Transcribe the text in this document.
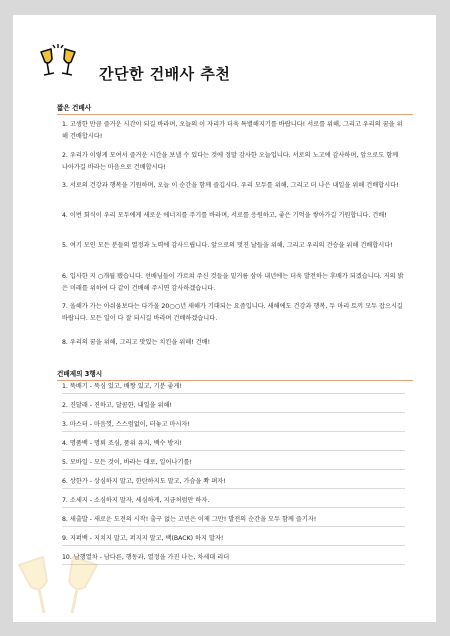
간단한 건배사 추천
짧은 건배사
1. 고생한 만큼 즐거운 시간이 되길 바라며, 오늘의 이 자리가 더욱 특별해지기를 바랍니다! 서로를 위해, 그리고 우리의 꿈을 위해 건배합시다!
2. 우리가 이렇게 모여서 즐거운 시간을 보낼 수 있다는 것에 정말 감사한 오늘입니다. 서로의 노고에 감사하며, 앞으로도 함께 나아가길 바라는 마음으로 건배합시다!
3. 서로의 건강과 행복을 기원하며, 오늘 이 순간을 함께 즐깁시다. 우리 모두를 위해, 그리고 더 나은 내일을 위해 건배합시다!
4. 이번 회식이 우리 모두에게 새로운 에너지를 주기를 바라며, 서로를 응원하고, 좋은 기억을 쌓아가길 기원합니다. 건배!
5. 여기 모인 모든 분들의 열정과 노력에 감사드립니다. 앞으로의 멋진 날들을 위해, 그리고 우리의 건승을 위해 건배합시다!
6. 입사한 지 ○개월 됐습니다. 선배님들이 가르쳐 주신 것들을 밑거름 삼아 내년에는 더욱 발전하는 후배가 되겠습니다. 저의 밝은 미래를 위하여 다 같이 건배해 주시면 감사하겠습니다.
7. 올해가 가는 아쉬움보다는 다가올 20○○년 새해가 기대되는 요즘입니다. 새해에도 건강과 행복, 두 마리 토끼 모두 잡으시길 바랍니다. 모든 일이 다 잘 되시길 바라며 건배하겠습니다.
8. 우리의 꿈을 위해, 그리고 맛있는 치킨을 위해! 건배!
건배제의 3행시
1. 뚝배기 - 뚝심 있고, 배짱 있고, 기분 좋게!
2. 진달래 - 진하고, 달콤한, 내일을 위해!
3. 마스터 - 마음껏, 스스럼없이, 터놓고 마시자!
4. 명품백 - 명퇴 조심, 품위 유지, 백수 방지!
5. 모바일 - 모든 것이, 바라는 대로, 일어나기를!
6. 상한가 - 상심하지 말고, 한탄하지도 말고, 가슴을 쫙 펴자!
7. 소세지 - 소심하지 말자, 세심하게, 지금처럼만 하자.
8. 새출발 - 새로운 도전의 시작! 출구 없는 고민은 이제 그만! 발전의 순간을 모두 함께 즐기자!
9. 지퍼백 - 지치지 말고, 퍼지지 말고, 백(BACK) 하지 말자!
10. 남행열차 - 남다른, 행동과, 열정을 가진 나는, 차세대 리더
